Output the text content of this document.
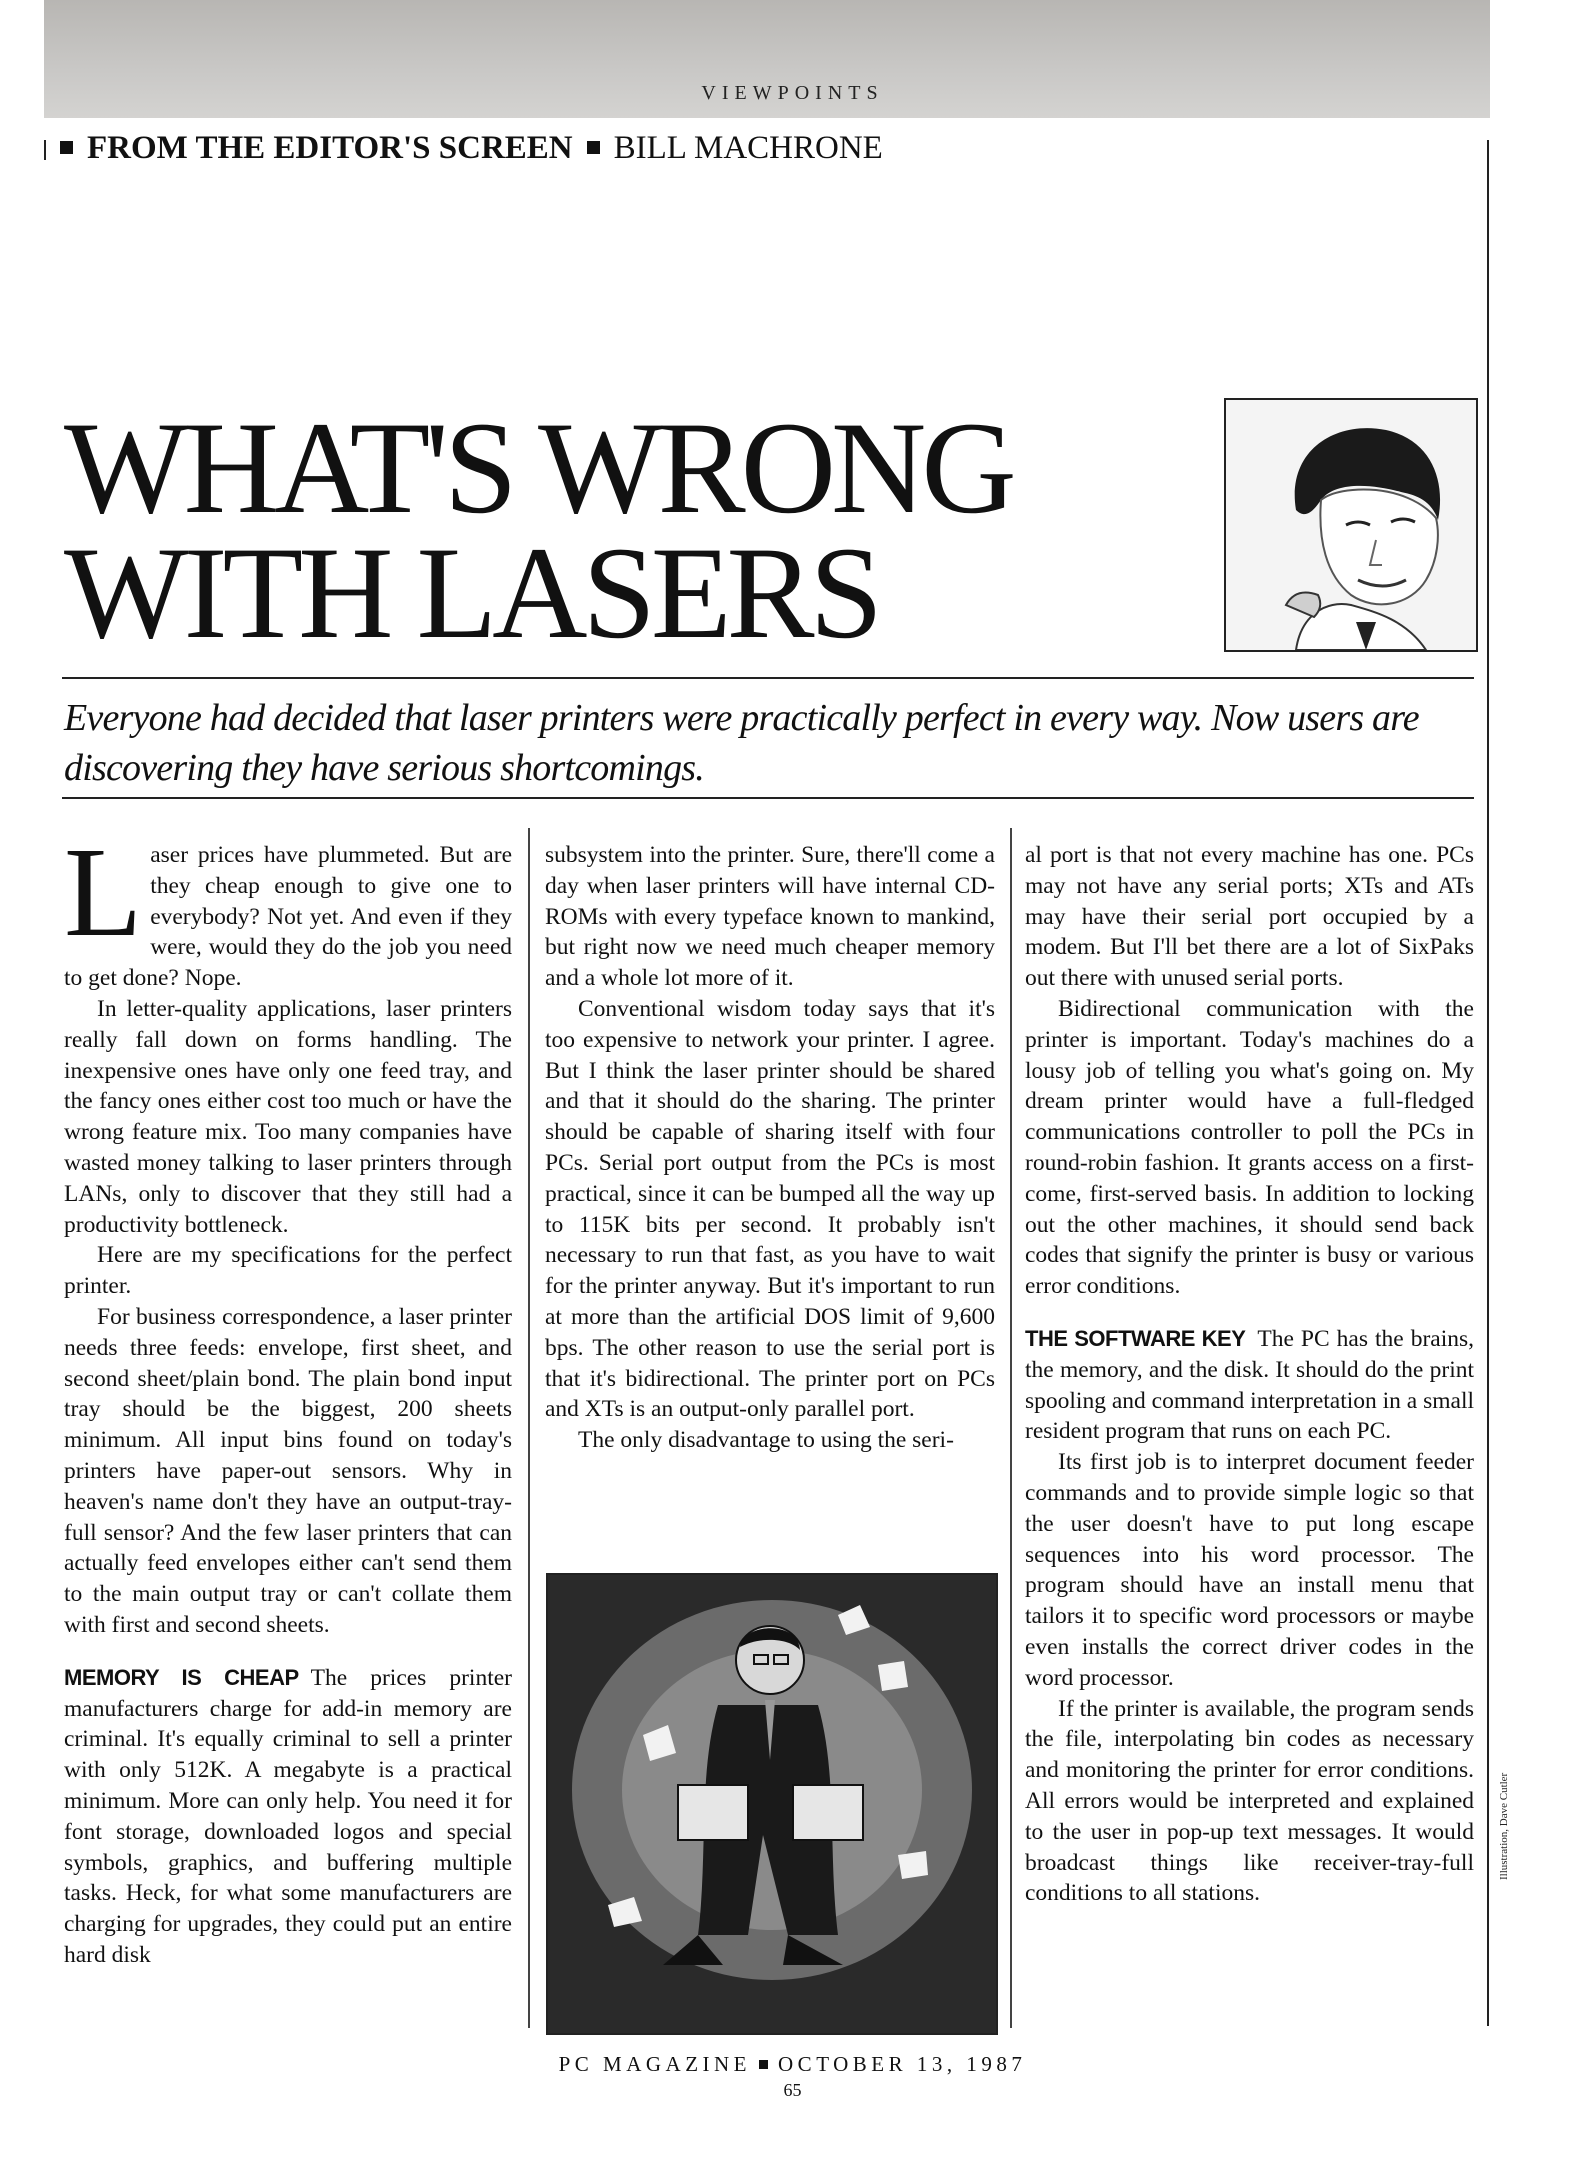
VIEWPOINTS
FROM THE EDITOR'S SCREEN BILL MACHRONE
WHAT'S WRONG
WITH LASERS
Everyone had decided that laser printers were practically perfect in every way. Now users are discovering they have serious shortcomings.

Laser prices have plummeted. But are they cheap enough to give one to everybody? Not yet. And even if they were, would they do the job you need to get done? Nope.

In letter-quality applications, laser printers really fall down on forms handling. The inexpensive ones have only one feed tray, and the fancy ones either cost too much or have the wrong feature mix. Too many companies have wasted money talking to laser printers through LANs, only to discover that they still had a productivity bottleneck.

Here are my specifications for the perfect printer.

For business correspondence, a laser printer needs three feeds: envelope, first sheet, and second sheet/plain bond. The plain bond input tray should be the biggest, 200 sheets minimum. All input bins found on today's printers have paper-out sensors. Why in heaven's name don't they have an output-tray-full sensor? And the few laser printers that can actually feed envelopes either can't send them to the main output tray or can't collate them with first and second sheets.

MEMORY IS CHEAP The prices printer manufacturers charge for add-in memory are criminal. It's equally criminal to sell a printer with only 512K. A megabyte is a practical minimum. More can only help. You need it for font storage, downloaded logos and special symbols, graphics, and buffering multiple tasks. Heck, for what some manufacturers are charging for upgrades, they could put an entire hard disk

subsystem into the printer. Sure, there'll come a day when laser printers will have internal CD-ROMs with every typeface known to mankind, but right now we need much cheaper memory and a whole lot more of it.

Conventional wisdom today says that it's too expensive to network your printer. I agree. But I think the laser printer should be shared and that it should do the sharing. The printer should be capable of sharing itself with four PCs. Serial port output from the PCs is most practical, since it can be bumped all the way up to 115K bits per second. It probably isn't necessary to run that fast, as you have to wait for the printer anyway. But it's important to run at more than the artificial DOS limit of 9,600 bps. The other reason to use the serial port is that it's bidirectional. The printer port on PCs and XTs is an output-only parallel port.

The only disadvantage to using the seri-

al port is that not every machine has one. PCs may not have any serial ports; XTs and ATs may have their serial port occupied by a modem. But I'll bet there are a lot of SixPaks out there with unused serial ports.

Bidirectional communication with the printer is important. Today's machines do a lousy job of telling you what's going on. My dream printer would have a full-fledged communications controller to poll the PCs in round-robin fashion. It grants access on a first-come, first-served basis. In addition to locking out the other machines, it should send back codes that signify the printer is busy or various error conditions.

THE SOFTWARE KEY The PC has the brains, the memory, and the disk. It should do the print spooling and command interpretation in a small resident program that runs on each PC.

Its first job is to interpret document feeder commands and to provide simple logic so that the user doesn't have to put long escape sequences into his word processor. The program should have an install menu that tailors it to specific word processors or maybe even installs the correct driver codes in the word processor.

If the printer is available, the program sends the file, interpolating bin codes as necessary and monitoring the printer for error conditions. All errors would be interpreted and explained to the user in pop-up text messages. It would broadcast things like receiver-tray-full conditions to all stations.

Illustration, Dave Cutler
PC MAGAZINE OCTOBER 13, 1987
65
